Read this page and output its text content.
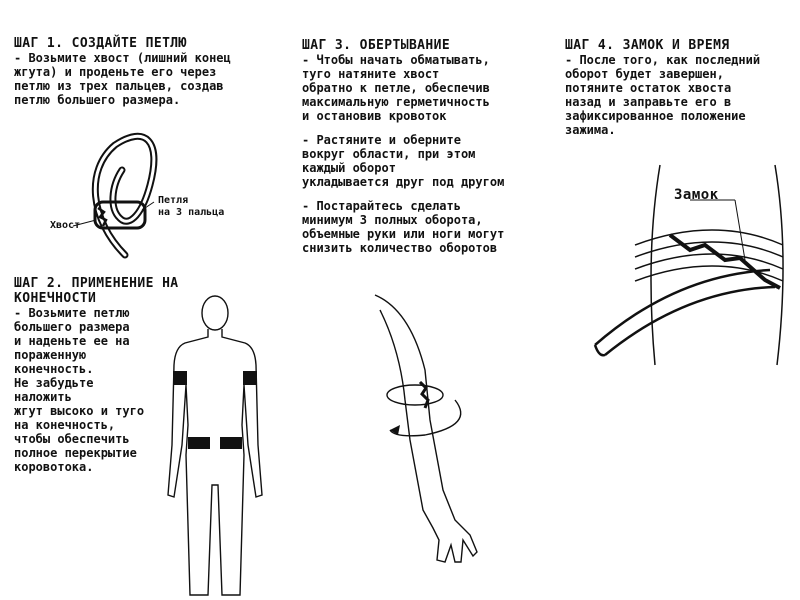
ШАГ 1. СОЗДАЙТЕ ПЕТЛЮ

- Возьмите хвост (лишний конец
жгута) и проденьте его через
петлю из трех пальцев, создав
петлю большего размера.

Хвост
Петля
на 3 пальца
ШАГ 2. ПРИМЕНЕНИЕ НА
КОНЕЧНОСТИ

- Возьмите петлю
большего размера
и наденьте ее на
пораженную
конечность.
Не забудьте
наложить
жгут высоко и туго
на конечность,
чтобы обеспечить
полное перекрытие
коровотока.

ШАГ 3. ОБЕРТЫВАНИЕ

- Чтобы начать обматывать,
туго натяните хвост
обратно к петле, обеспечив
максимальную герметичность
и остановив кровоток

- Растяните и оберните
вокруг области, при этом
каждый оборот
укладывается друг под другом

- Постарайтесь сделать
минимум 3 полных оборота,
объемные руки или ноги могут
снизить количество оборотов

ШАГ 4. ЗАМОК И ВРЕМЯ

- После того, как последний
оборот будет завершен,
потяните остаток хвоста
назад и заправьте его в
зафиксированное положение
зажима.

Замок
